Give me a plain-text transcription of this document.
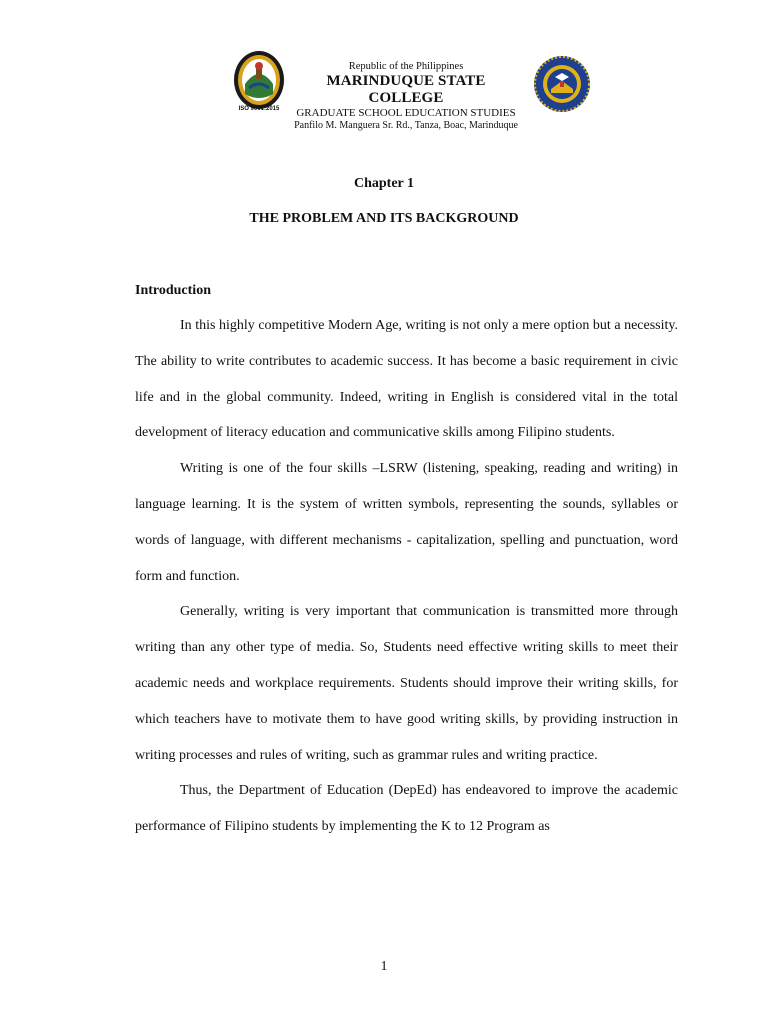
ISO 9001:2015
Republic of the Philippines
MARINDUQUE STATE COLLEGE
GRADUATE SCHOOL EDUCATION STUDIES
Panfilo M. Manguera Sr. Rd., Tanza, Boac, Marinduque
Chapter 1
THE PROBLEM AND ITS BACKGROUND
Introduction

In this highly competitive Modern Age, writing is not only a mere option but a necessity. The ability to write contributes to academic success. It has become a basic requirement in civic life and in the global community. Indeed, writing in English is considered vital in the total development of literacy education and communicative skills among Filipino students.

Writing is one of the four skills –LSRW (listening, speaking, reading and writing) in language learning. It is the system of written symbols, representing the sounds, syllables or words of language, with different mechanisms - capitalization, spelling and punctuation, word form and function.

Generally, writing is very important that communication is transmitted more through writing than any other type of media. So, Students need effective writing skills to meet their academic needs and workplace requirements. Students should improve their writing skills, for which teachers have to motivate them to have good writing skills, by providing instruction in writing processes and rules of writing, such as grammar rules and writing practice.

Thus, the Department of Education (DepEd) has endeavored to improve the academic performance of Filipino students by implementing the K to 12 Program as

1
